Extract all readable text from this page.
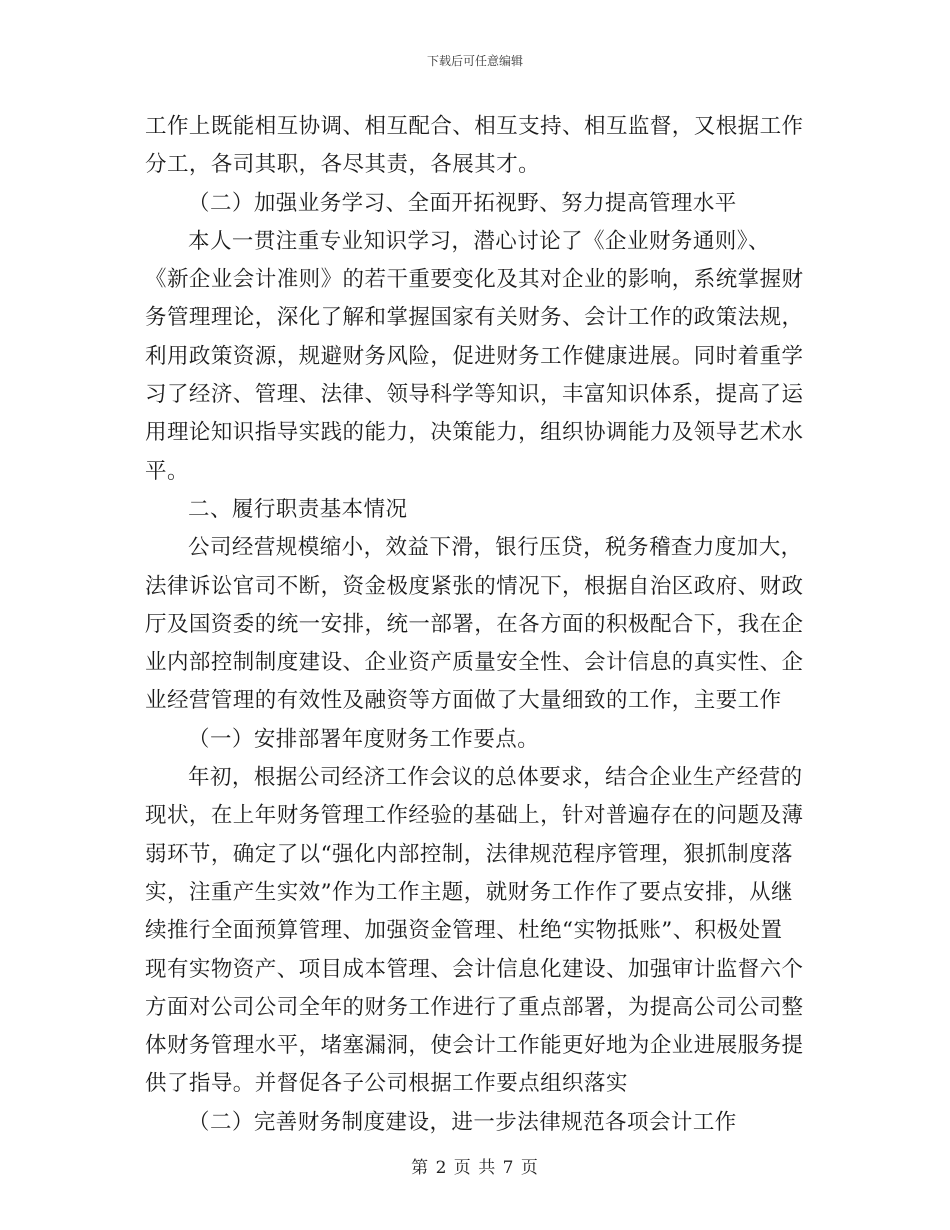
下载后可任意编辑
工作上既能相互协调、相互配合、相互支持、相互监督，又根据工作
分工，各司其职，各尽其责，各展其才。
（二）加强业务学习、全面开拓视野、努力提高管理水平
本人一贯注重专业知识学习，潜心讨论了《企业财务通则》、
《新企业会计准则》的若干重要变化及其对企业的影响，系统掌握财
务管理理论，深化了解和掌握国家有关财务、会计工作的政策法规，
利用政策资源，规避财务风险，促进财务工作健康进展。同时着重学
习了经济、管理、法律、领导科学等知识，丰富知识体系，提高了运
用理论知识指导实践的能力，决策能力，组织协调能力及领导艺术水
平。
二、履行职责基本情况
公司经营规模缩小，效益下滑，银行压贷，税务稽查力度加大，
法律诉讼官司不断，资金极度紧张的情况下，根据自治区政府、财政
厅及国资委的统一安排，统一部署，在各方面的积极配合下，我在企
业内部控制制度建设、企业资产质量安全性、会计信息的真实性、企
业经营管理的有效性及融资等方面做了大量细致的工作，主要工作
（一）安排部署年度财务工作要点。
年初，根据公司经济工作会议的总体要求，结合企业生产经营的
现状，在上年财务管理工作经验的基础上，针对普遍存在的问题及薄
弱环节，确定了以“强化内部控制，法律规范程序管理，狠抓制度落
实，注重产生实效”作为工作主题，就财务工作作了要点安排，从继
续推行全面预算管理、加强资金管理、杜绝“实物抵账”、积极处置
现有实物资产、项目成本管理、会计信息化建设、加强审计监督六个
方面对公司公司全年的财务工作进行了重点部署，为提高公司公司整
体财务管理水平，堵塞漏洞，使会计工作能更好地为企业进展服务提
供了指导。并督促各子公司根据工作要点组织落实
（二）完善财务制度建设，进一步法律规范各项会计工作
第 2 页 共 7 页
